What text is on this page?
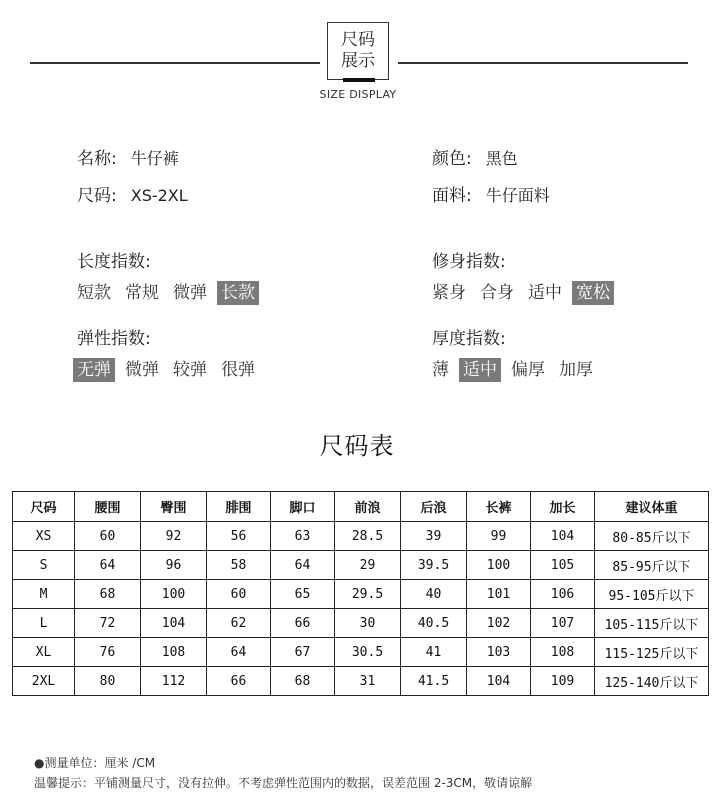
尺码
展示
SIZE DISPLAY
名称: 牛仔裤	颜色: 黑色
尺码: XS-2XL	面料: 牛仔面料
长度指数:
短款 常规 微弹 长款
修身指数:
紧身 合身 适中 宽松
弹性指数:
无弹 微弹 较弹 很弹
厚度指数:
薄 适中 偏厚 加厚
尺码表
尺码	腰围	臀围	腓围	脚口	前浪	后浪	长裤	加长	建议体重
XS	60	92	56	63	28.5	39	99	104	80-85斤以下
S	64	96	58	64	29	39.5	100	105	85-95斤以下
M	68	100	60	65	29.5	40	101	106	95-105斤以下
L	72	104	62	66	30	40.5	102	107	105-115斤以下
XL	76	108	64	67	30.5	41	103	108	115-125斤以下
2XL	80	112	66	68	31	41.5	104	109	125-140斤以下
●测量单位：厘米 /CM
温馨提示：平铺测量尺寸，没有拉伸。不考虑弹性范围内的数据，误差范围 2-3CM，敬请谅解
